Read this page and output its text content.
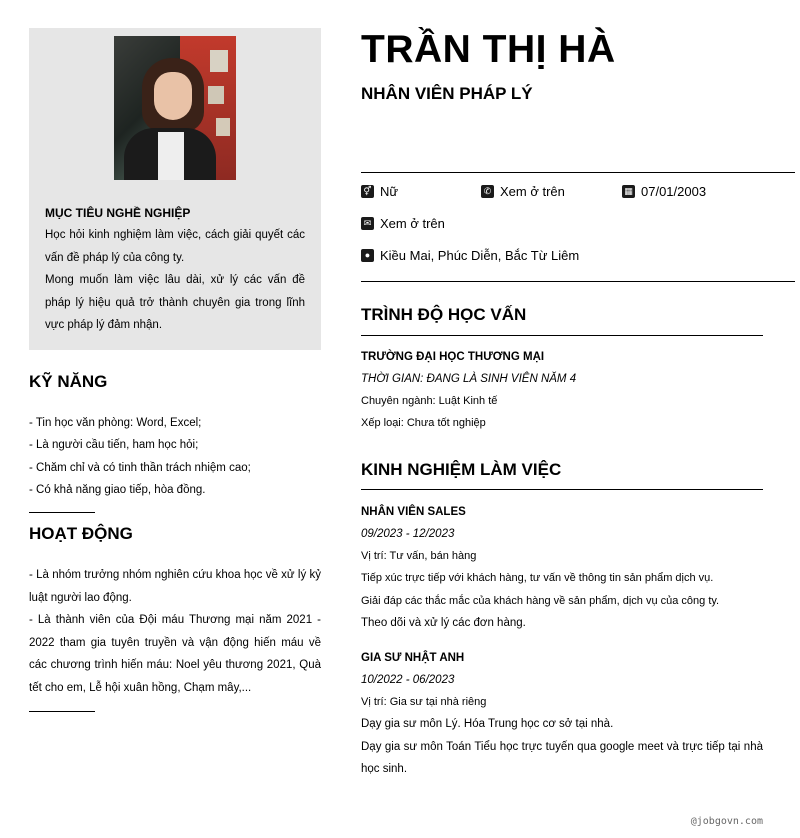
MỤC TIÊU NGHỀ NGHIỆP

Học hỏi kinh nghiệm làm việc, cách giải quyết các vấn đề pháp lý của công ty.

Mong muốn làm việc lâu dài, xử lý các vấn đề pháp lý hiệu quả trở thành chuyên gia trong lĩnh vực pháp lý đảm nhận.

KỸ NĂNG
- Tin học văn phòng: Word, Excel;
- Là người cầu tiến, ham học hỏi;
- Chăm chỉ và có tinh thần trách nhiệm cao;
- Có khả năng giao tiếp, hòa đồng.
HOẠT ĐỘNG
- Là nhóm trưởng nhóm nghiên cứu khoa học về xử lý kỷ luật người lao động.
- Là thành viên của Đội máu Thương mại năm 2021 - 2022 tham gia tuyên truyền và vận động hiến máu về các chương trình hiến máu: Noel yêu thương 2021, Quà tết cho em, Lễ hội xuân hồng, Chạm mây,...
TRẦN THỊ HÀ
NHÂN VIÊN PHÁP LÝ
⚥ Nữ	✆ Xem ở trên	▦ 07/01/2003
✉ Xem ở trên
● Kiều Mai, Phúc Diễn, Bắc Từ Liêm
TRÌNH ĐỘ HỌC VẤN
TRƯỜNG ĐẠI HỌC THƯƠNG MẠI
THỜI GIAN: ĐANG LÀ SINH VIÊN NĂM 4
Chuyên ngành: Luật Kinh tế
Xếp loại: Chưa tốt nghiệp
KINH NGHIỆM LÀM VIỆC
NHÂN VIÊN SALES
09/2023 - 12/2023
Vị trí: Tư vấn, bán hàng
Tiếp xúc trực tiếp với khách hàng, tư vấn về thông tin sản phẩm dịch vụ.
Giải đáp các thắc mắc của khách hàng về sản phẩm, dịch vụ của công ty.
Theo dõi và xử lý các đơn hàng.
GIA SƯ NHẬT ANH
10/2022 - 06/2023
Vị trí: Gia sư tại nhà riêng
Dạy gia sư môn Lý. Hóa Trung học cơ sở tại nhà.
Dạy gia sư môn Toán Tiểu học trực tuyến qua google meet và trực tiếp tại nhà học sinh.
@jobgovn.com
